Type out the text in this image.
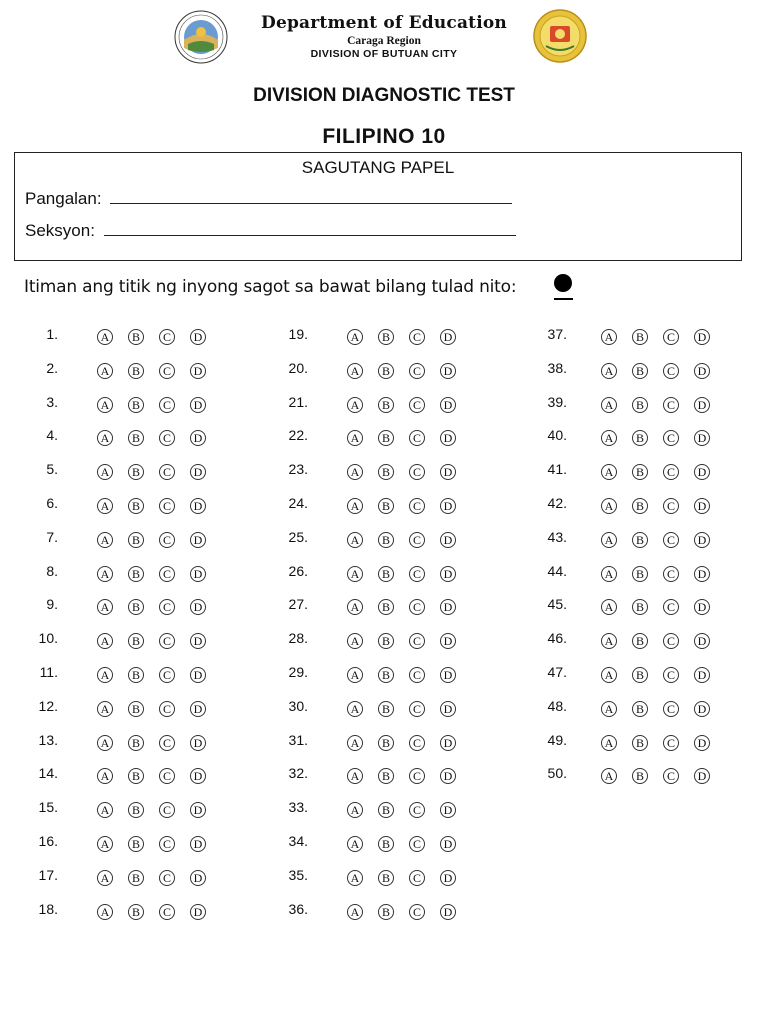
Department of Education
Caraga Region
DIVISION OF BUTUAN CITY
DIVISION DIAGNOSTIC TEST
FILIPINO 10
SAGUTANG PAPEL
Pangalan:
Seksyon:
Itiman ang titik ng inyong sagot sa bawat bilang tulad nito:
1.	A	B	C	D
2.	A	B	C	D
3.	A	B	C	D
4.	A	B	C	D
5.	A	B	C	D
6.	A	B	C	D
7.	A	B	C	D
8.	A	B	C	D
9.	A	B	C	D
10.	A	B	C	D
11.	A	B	C	D
12.	A	B	C	D
13.	A	B	C	D
14.	A	B	C	D
15.	A	B	C	D
16.	A	B	C	D
17.	A	B	C	D
18.	A	B	C	D
19.	A	B	C	D
20.	A	B	C	D
21.	A	B	C	D
22.	A	B	C	D
23.	A	B	C	D
24.	A	B	C	D
25.	A	B	C	D
26.	A	B	C	D
27.	A	B	C	D
28.	A	B	C	D
29.	A	B	C	D
30.	A	B	C	D
31.	A	B	C	D
32.	A	B	C	D
33.	A	B	C	D
34.	A	B	C	D
35.	A	B	C	D
36.	A	B	C	D
37.	A	B	C	D
38.	A	B	C	D
39.	A	B	C	D
40.	A	B	C	D
41.	A	B	C	D
42.	A	B	C	D
43.	A	B	C	D
44.	A	B	C	D
45.	A	B	C	D
46.	A	B	C	D
47.	A	B	C	D
48.	A	B	C	D
49.	A	B	C	D
50.	A	B	C	D
